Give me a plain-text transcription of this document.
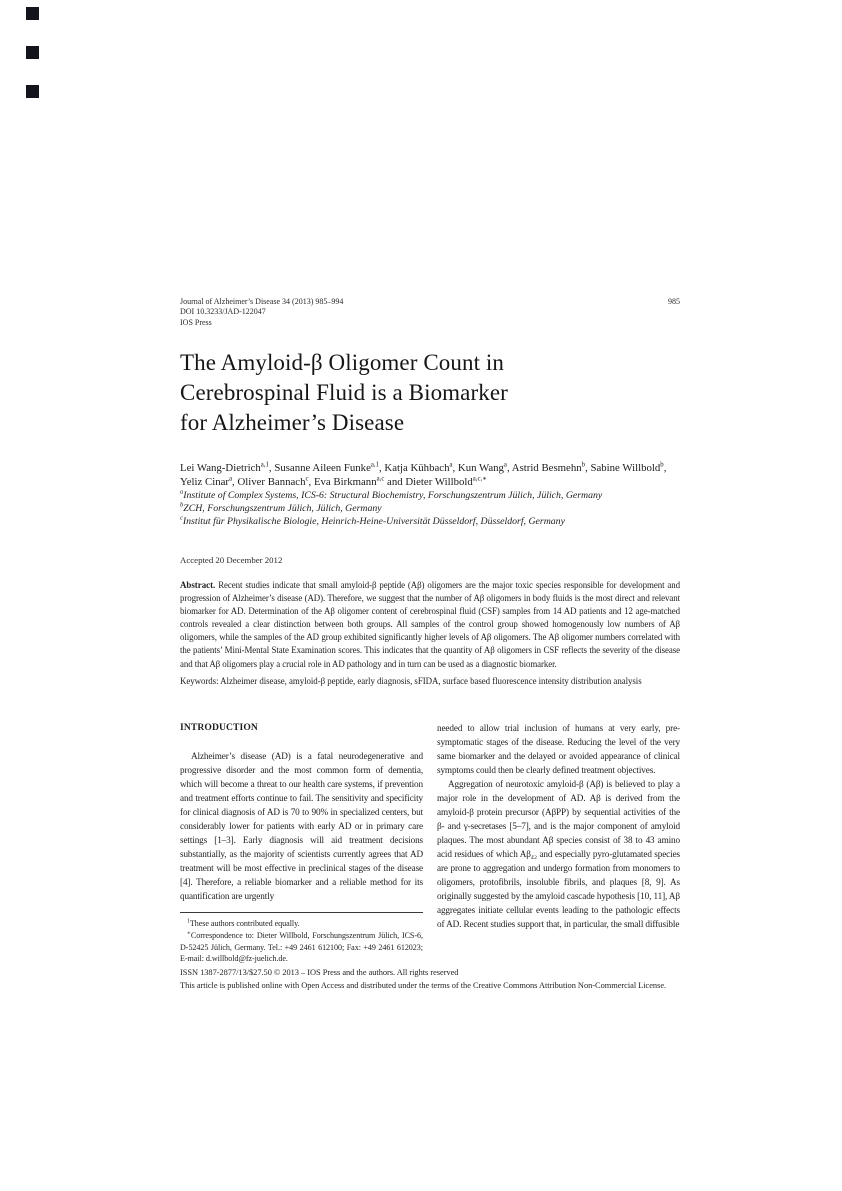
Journal of Alzheimer’s Disease 34 (2013) 985–994
DOI 10.3233/JAD-122047
IOS Press
985
The Amyloid-β Oligomer Count in
Cerebrospinal Fluid is a Biomarker
for Alzheimer’s Disease
Lei Wang-Dietrich$^{a,1}$, Susanne Aileen Funke$^{a,1}$, Katja Kühbach$^a$, Kun Wang$^a$, Astrid Besmehn$^b$, Sabine Willbold$^b$, Yeliz Cinar$^a$, Oliver Bannach$^c$, Eva Birkmann$^{a,c}$ and Dieter Willbold$^{a,c,∗}$
$^a$Institute of Complex Systems, ICS-6: Structural Biochemistry, Forschungszentrum Jülich, Jülich, Germany
$^b$ZCH, Forschungszentrum Jülich, Jülich, Germany
$^c$Institut für Physikalische Biologie, Heinrich-Heine-Universität Düsseldorf, Düsseldorf, Germany
Accepted 20 December 2012
Abstract. Recent studies indicate that small amyloid-β peptide (Aβ) oligomers are the major toxic species responsible for development and progression of Alzheimer’s disease (AD). Therefore, we suggest that the number of Aβ oligomers in body fluids is the most direct and relevant biomarker for AD. Determination of the Aβ oligomer content of cerebrospinal fluid (CSF) samples from 14 AD patients and 12 age-matched controls revealed a clear distinction between both groups. All samples of the control group showed homogenously low numbers of Aβ oligomers, while the samples of the AD group exhibited significantly higher levels of Aβ oligomers. The Aβ oligomer numbers correlated with the patients’ Mini-Mental State Examination scores. This indicates that the quantity of Aβ oligomers in CSF reflects the severity of the disease and that Aβ oligomers play a crucial role in AD pathology and in turn can be used as a diagnostic biomarker.
Keywords: Alzheimer disease, amyloid-β peptide, early diagnosis, sFIDA, surface based fluorescence intensity distribution analysis

INTRODUCTION

Alzheimer’s disease (AD) is a fatal neurodegenerative and progressive disorder and the most common form of dementia, which will become a threat to our health care systems, if prevention and treatment efforts continue to fail. The sensitivity and specificity for clinical diagnosis of AD is 70 to 90% in specialized centers, but considerably lower for patients with early AD or in primary care settings [1–3]. Early diagnosis will aid treatment decisions substantially, as the majority of scientists currently agrees that AD treatment will be most effective in preclinical stages of the disease [4]. Therefore, a reliable biomarker and a reliable method for its quantification are urgently

$^1$These authors contributed equally.

∗Correspondence to: Dieter Willbold, Forschungszentrum Jülich, ICS-6, D-52425 Jülich, Germany. Tel.: +49 2461 612100; Fax: +49 2461 612023; E-mail: d.willbold@fz-juelich.de.

needed to allow trial inclusion of humans at very early, pre-symptomatic stages of the disease. Reducing the level of the very same biomarker and the delayed or avoided appearance of clinical symptoms could then be clearly defined treatment objectives.

Aggregation of neurotoxic amyloid-β (Aβ) is believed to play a major role in the development of AD. Aβ is derived from the amyloid-β protein precursor (AβPP) by sequential activities of the β- and γ-secretases [5–7], and is the major component of amyloid plaques. The most abundant Aβ species consist of 38 to 43 amino acid residues of which Aβ₄₂ and especially pyro-glutamated species are prone to aggregation and undergo formation from monomers to oligomers, protofibrils, insoluble fibrils, and plaques [8, 9]. As originally suggested by the amyloid cascade hypothesis [10, 11], Aβ aggregates initiate cellular events leading to the pathologic effects of AD. Recent studies support that, in particular, the small diffusible

ISSN 1387-2877/13/$27.50 © 2013 – IOS Press and the authors. All rights reserved
This article is published online with Open Access and distributed under the terms of the Creative Commons Attribution Non-Commercial License.
